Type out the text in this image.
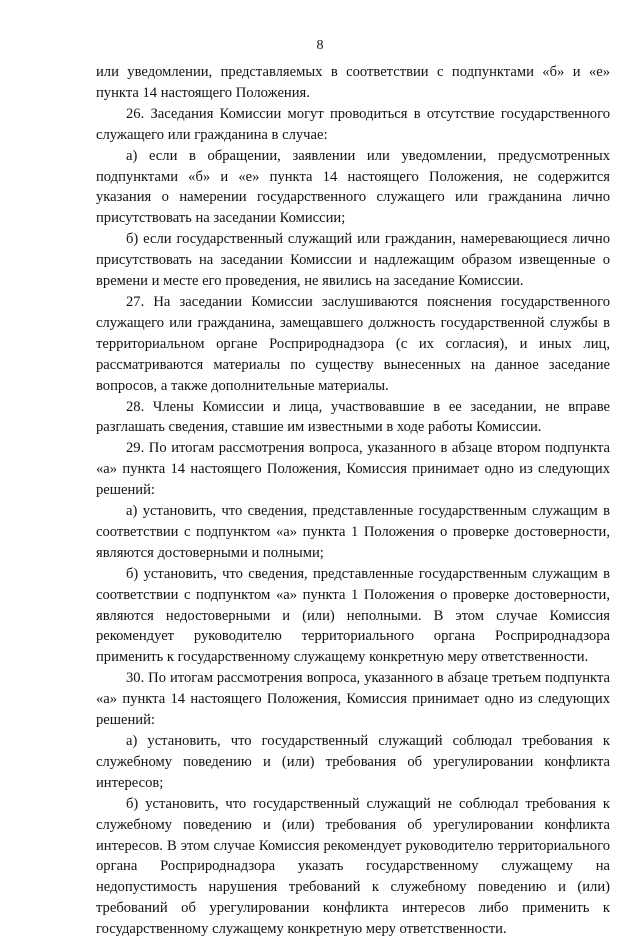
8

или уведомлении, представляемых в соответствии с подпунктами «б» и «е» пункта 14 настоящего Положения.

26. Заседания Комиссии могут проводиться в отсутствие государственного служащего или гражданина в случае:

а) если в обращении, заявлении или уведомлении, предусмотренных подпунктами «б» и «е» пункта 14 настоящего Положения, не содержится указания о намерении государственного служащего или гражданина лично присутствовать на заседании Комиссии;

б) если государственный служащий или гражданин, намеревающиеся лично присутствовать на заседании Комиссии и надлежащим образом извещенные о времени и месте его проведения, не явились на заседание Комиссии.

27. На заседании Комиссии заслушиваются пояснения государственного служащего или гражданина, замещавшего должность государственной службы в территориальном органе Росприроднадзора (с их согласия), и иных лиц, рассматриваются материалы по существу вынесенных на данное заседание вопросов, а также дополнительные материалы.

28. Члены Комиссии и лица, участвовавшие в ее заседании, не вправе разглашать сведения, ставшие им известными в ходе работы Комиссии.

29. По итогам рассмотрения вопроса, указанного в абзаце втором подпункта «а» пункта 14 настоящего Положения, Комиссия принимает одно из следующих решений:

а) установить, что сведения, представленные государственным служащим в соответствии с подпунктом «а» пункта 1 Положения о проверке достоверности, являются достоверными и полными;

б) установить, что сведения, представленные государственным служащим в соответствии с подпунктом «а» пункта 1 Положения о проверке достоверности, являются недостоверными и (или) неполными. В этом случае Комиссия рекомендует руководителю территориального органа Росприроднадзора применить к государственному служащему конкретную меру ответственности.

30. По итогам рассмотрения вопроса, указанного в абзаце третьем подпункта «а» пункта 14 настоящего Положения, Комиссия принимает одно из следующих решений:

а) установить, что государственный служащий соблюдал требования к служебному поведению и (или) требования об урегулировании конфликта интересов;

б) установить, что государственный служащий не соблюдал требования к служебному поведению и (или) требования об урегулировании конфликта интересов. В этом случае Комиссия рекомендует руководителю территориального органа Росприроднадзора указать государственному служащему на недопустимость нарушения требований к служебному поведению и (или) требований об урегулировании конфликта интересов либо применить к государственному служащему конкретную меру ответственности.
